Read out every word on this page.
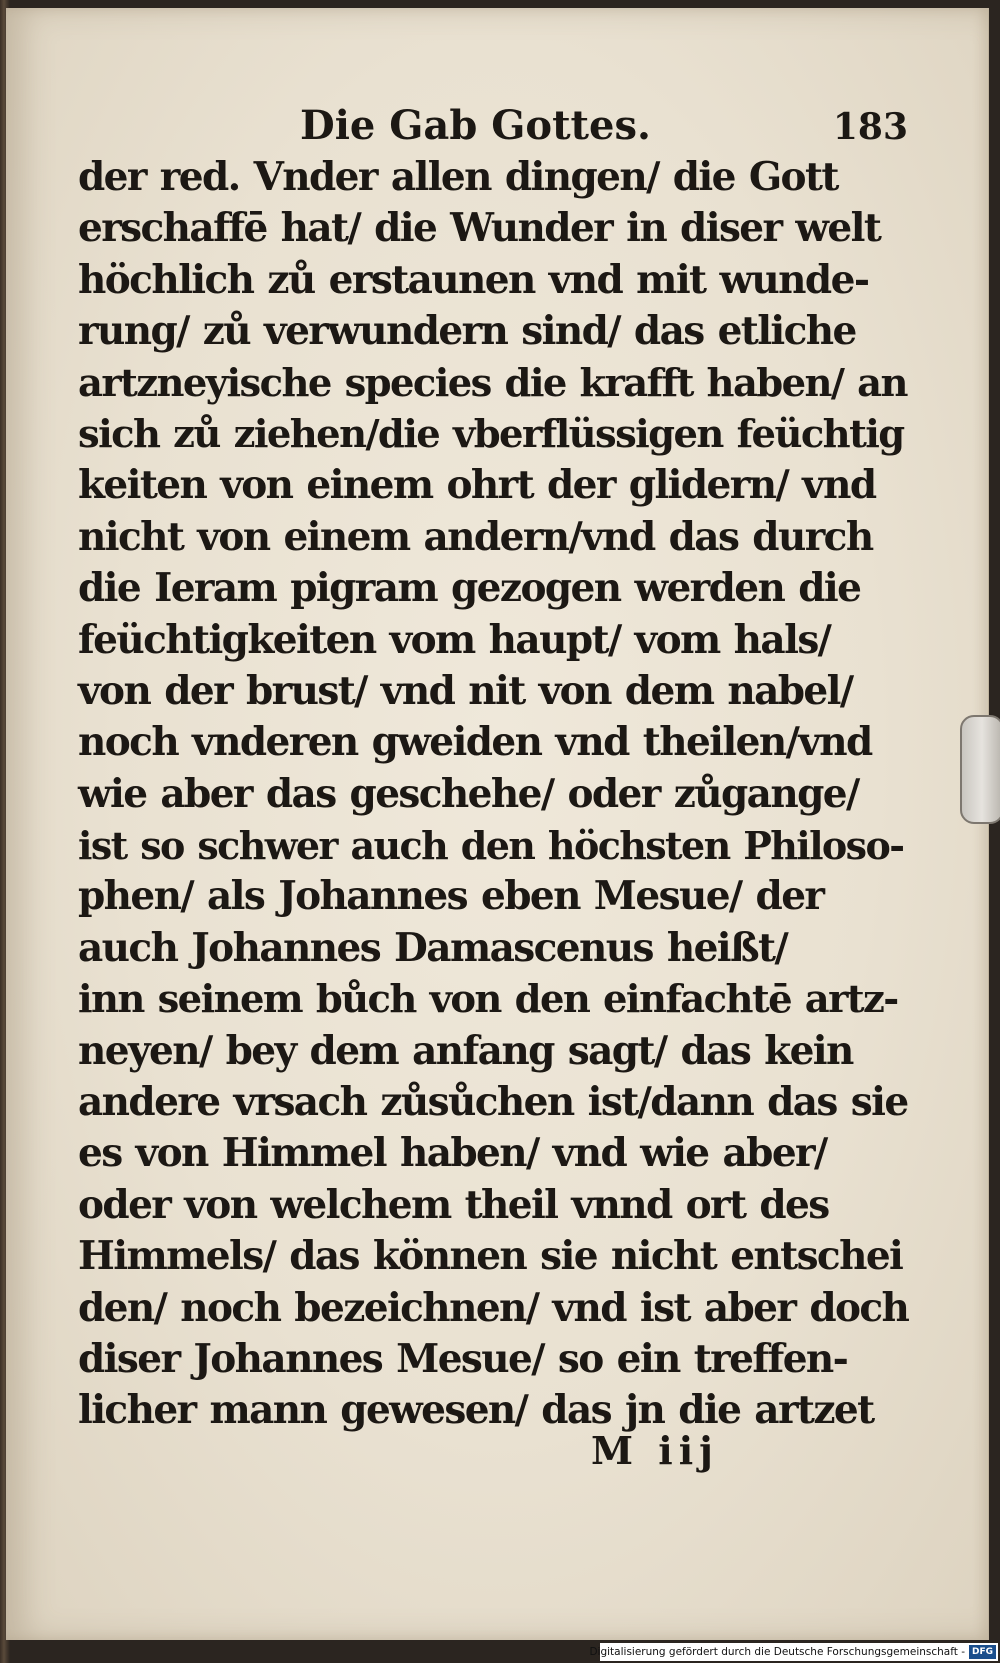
Die Gab Gottes.	183
der red. Vnder allen dingen/ die Gott
erschaffē hat/ die Wunder in diser welt
höchlich zů erstaunen vnd mit wunde-
rung/ zů verwundern sind/ das etliche
artzneyische species die krafft haben/ an
sich zů ziehen/die vberflüssigen feüchtig
keiten von einem ohrt der glidern/ vnd
nicht von einem andern/vnd das durch
die Ieram pigram gezogen werden die
feüchtigkeiten vom haupt/ vom hals/
von der brust/ vnd nit von dem nabel/
noch vnderen gweiden vnd theilen/vnd
wie aber das geschehe/ oder zůgange/
ist so schwer auch den höchsten Philoso-
phen/ als Johannes eben Mesue/ der
auch Johannes Damascenus heißt/
inn seinem bůch von den einfachtē artz-
neyen/ bey dem anfang sagt/ das kein
andere vrsach zůsůchen ist/dann das sie
es von Himmel haben/ vnd wie aber/
oder von welchem theil vnnd ort des
Himmels/ das können sie nicht entschei
den/ noch bezeichnen/ vnd ist aber doch
diser Johannes Mesue/ so ein treffen-
licher mann gewesen/ das jn die artzet
M iij
Digitalisierung gefördert durch die Deutsche Forschungsgemeinschaft - DFG
